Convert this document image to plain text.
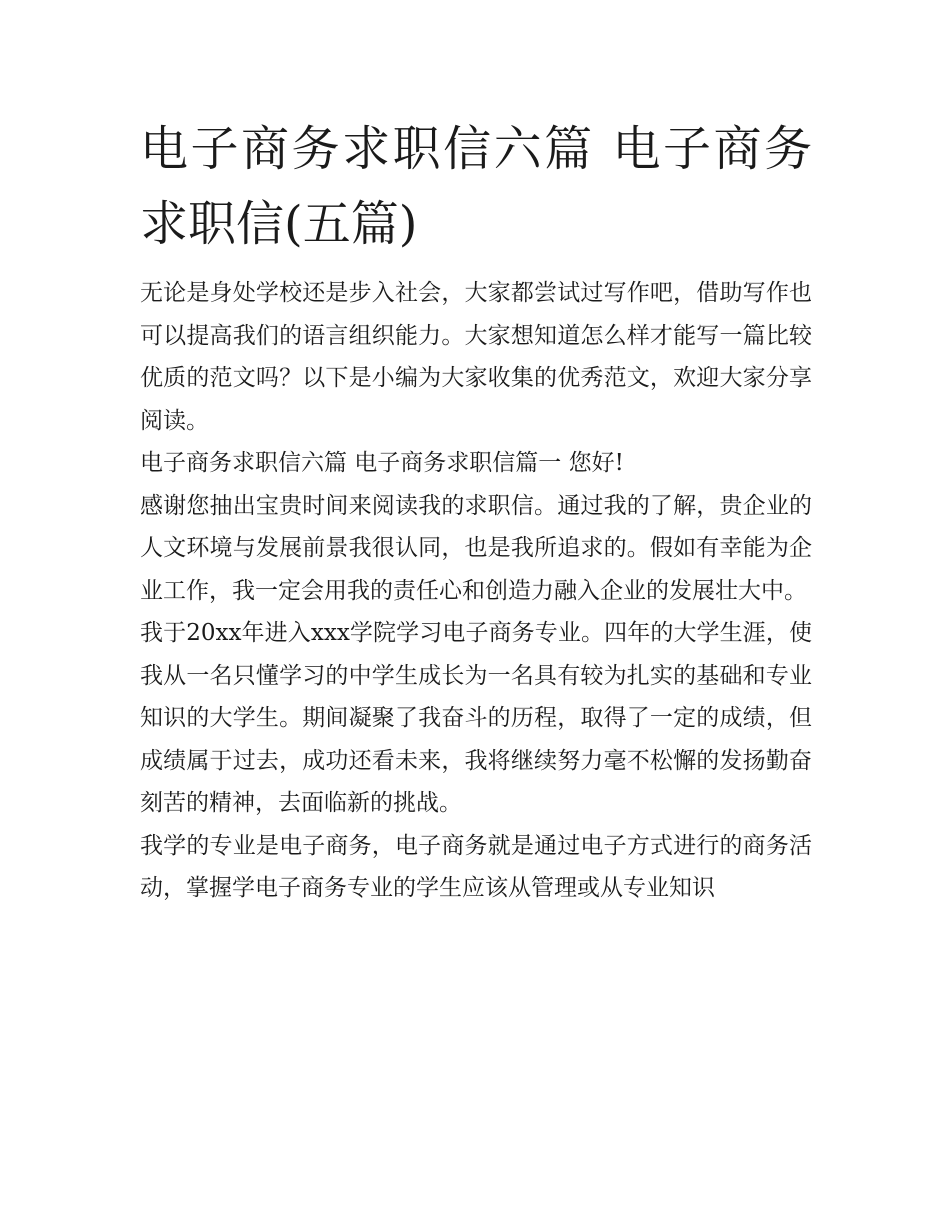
电子商务求职信六篇 电子商务求职信(五篇)

无论是身处学校还是步入社会，大家都尝试过写作吧，借助写作也可以提高我们的语言组织能力。大家想知道怎么样才能写一篇比较优质的范文吗？以下是小编为大家收集的优秀范文，欢迎大家分享阅读。

电子商务求职信六篇 电子商务求职信篇一 您好!

感谢您抽出宝贵时间来阅读我的求职信。通过我的了解，贵企业的人文环境与发展前景我很认同，也是我所追求的。假如有幸能为企业工作，我一定会用我的责任心和创造力融入企业的发展壮大中。

我于20xx年进入xxx学院学习电子商务专业。四年的大学生涯，使我从一名只懂学习的中学生成长为一名具有较为扎实的基础和专业知识的大学生。期间凝聚了我奋斗的历程，取得了一定的成绩，但成绩属于过去，成功还看未来，我将继续努力毫不松懈的发扬勤奋刻苦的精神，去面临新的挑战。

我学的专业是电子商务，电子商务就是通过电子方式进行的商务活动，掌握学电子商务专业的学生应该从管理或从专业知识
